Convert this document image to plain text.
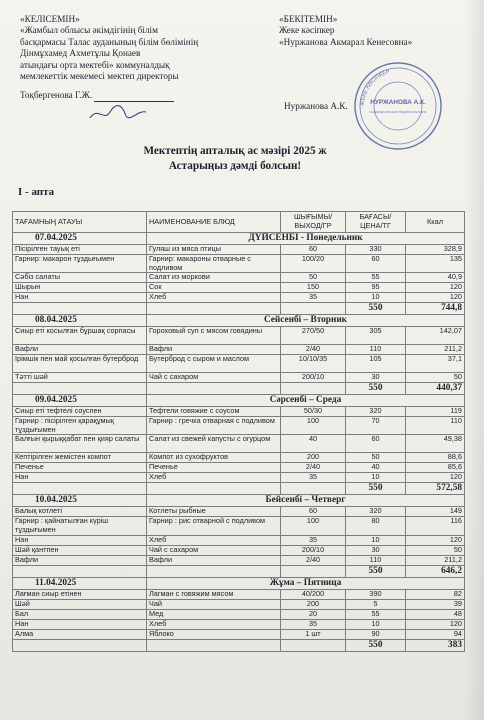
«КЕЛІСЕМІН»
«Жамбыл облысы әкімдігінің білім
басқармасы Талас ауданының білім бөлімінің
Дінмұхамед Ахметұлы Қонаев
атындағы орта мектебі» коммуналдық
мемлекеттік мекемесі мектеп директоры
Тоқбергенова Г.Ж.
«БЕКІТЕМІН»
Жеке кәсіпкер
«Нуржанова Акмарал Кенесовна»
Нуржанова А.К. ЖЕКЕ КӘСІПКЕР
НУРЖАНОВА А.К.
ИНДИВИДУАЛЬНЫЙ ПРЕДПРИНИМАТЕЛЬ
Мектептің апталық ас мәзірі 2025 ж
Астарыңыз дәмді болсын!
І - апта
ТАҒАМНЫҢ АТАУЫ	НАИМЕНОВАНИЕ БЛЮД	ШЫҒЫМЫ/ ВЫХОД/ГР	БАҒАСЫ/ ЦЕНА/ТГ	Ккал
07.04.2025	ДҮЙСЕНБІ - Понедельник			
Пісірілген тауық еті	Гуляш из мяса птицы	60	330	328,9
Гарнир: макарон тұздығымен	Гарнир: макароны отварные с подливом	100/20	60	135
Сәбіз салаты	Салат из моркови	50	55	40,9
Шырын	Сок	150	95	120
Нан	Хлеб	35	10	120
			550	744,8
08.04.2025	Сейсенбі – Вторник			
Сиыр еті косылған бұршақ сорпасы	Гороховый суп с мясом говядины	270/50	305	142,07
Вафли	Вафли	2/40	110	211,2
Ірімшік пен май қосылған бутерброд	Бутерброд с сыром и маслом	10/10/35	105	37,1
Тәтті шәй	Чай с сахаром	200/10	30	50
			550	440,37
09.04.2025	Сәрсенбі – Среда			
Сиыр еті тефтелі соуспен	Тефтели говяжие с соусом	50/30	320	119
Гарнир : пісірілген қарақұмық тұздығымен	Гарнир : гречка отварная с подливом	100	70	110
Балғын қырыққабат пен қияр салаты	Салат из свежей капусты с огурцом	40	60	49,38
Кептірілген жемістен компот	Компот из сухофруктов	200	50	88,6
Печенье	Печенье	2/40	40	85,6
Нан	Хлеб	35	10	120
			550	572,58
10.04.2025	Бейсенбі – Четверг			
Балық котлеті	Котлеты рыбные	60	320	149
Гарнир : қайнатылған күріш тұздығымен	Гарнир : рис отварной с подливом	100	80	116
Нан	Хлеб	35	10	120
Шәй қантпен	Чай с сахаром	200/10	30	50
Вафли	Вафли	2/40	110	211,2
			550	646,2
11.04.2025	Жұма – Пятница			
Лағман сиыр етінен	Лагман с говяжим мясом	40/200	390	82
Шәй	Чай	200	5	39
Бал	Мед	20	55	48
Нан	Хлеб	35	10	120
Алма	Яблоко	1 шт	90	94
			550	383
